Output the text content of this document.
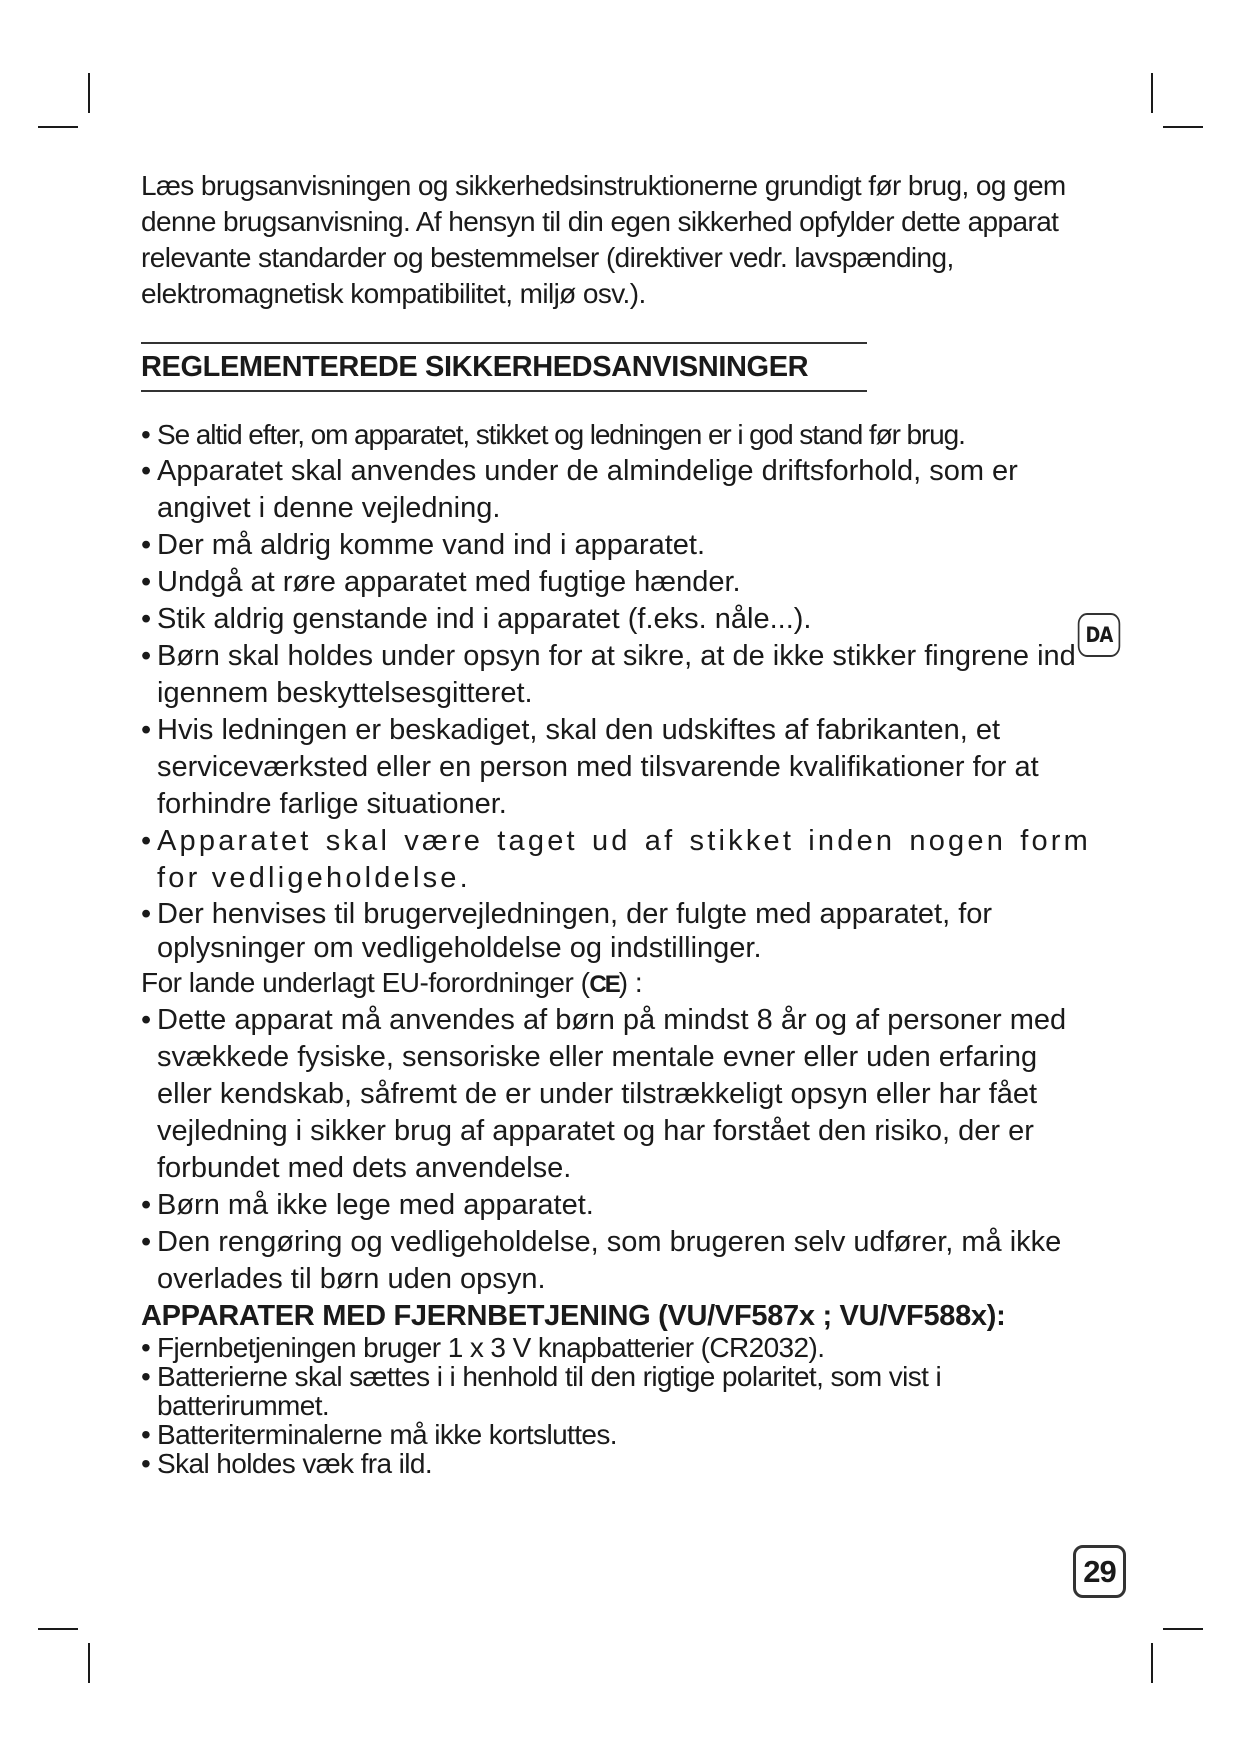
Læs brugsanvisningen og sikkerhedsinstruktionerne grundigt før brug, og gem denne brugsanvisning. Af hensyn til din egen sikkerhed opfylder dette apparat relevante standarder og bestemmelser (direktiver vedr. lavspænding, elektromagnetisk kompatibilitet, miljø osv.).

REGLEMENTEREDE SIKKERHEDSANVISNINGER
• Se altid efter, om apparatet, stikket og ledningen er i god stand før brug.
• Apparatet skal anvendes under de almindelige driftsforhold, som er angivet i denne vejledning.
• Der må aldrig komme vand ind i apparatet.
• Undgå at røre apparatet med fugtige hænder.
• Stik aldrig genstande ind i apparatet (f.eks. nåle...).
• Børn skal holdes under opsyn for at sikre, at de ikke stikker fingrene ind igennem beskyttelsesgitteret.
• Hvis ledningen er beskadiget, skal den udskiftes af fabrikanten, et serviceværksted eller en person med tilsvarende kvalifikationer for at forhindre farlige situationer.
• Apparatet skal være taget ud af stikket inden nogen form for vedligeholdelse.
• Der henvises til brugervejledningen, der fulgte med apparatet, for oplysninger om vedligeholdelse og indstillinger.

For lande underlagt EU-forordninger (CE) :

• Dette apparat må anvendes af børn på mindst 8 år og af personer med svækkede fysiske, sensoriske eller mentale evner eller uden erfaring eller kendskab, såfremt de er under tilstrækkeligt opsyn eller har fået vejledning i sikker brug af apparatet og har forstået den risiko, der er forbundet med dets anvendelse.
• Børn må ikke lege med apparatet.
• Den rengøring og vedligeholdelse, som brugeren selv udfører, må ikke overlades til børn uden opsyn.
APPARATER MED FJERNBETJENING (VU/VF587x ; VU/VF588x):
• Fjernbetjeningen bruger 1 x 3 V knapbatterier (CR2032).
• Batterierne skal sættes i i henhold til den rigtige polaritet, som vist i batterirummet.
• Batteriterminalerne må ikke kortsluttes.
• Skal holdes væk fra ild.
DA
29
